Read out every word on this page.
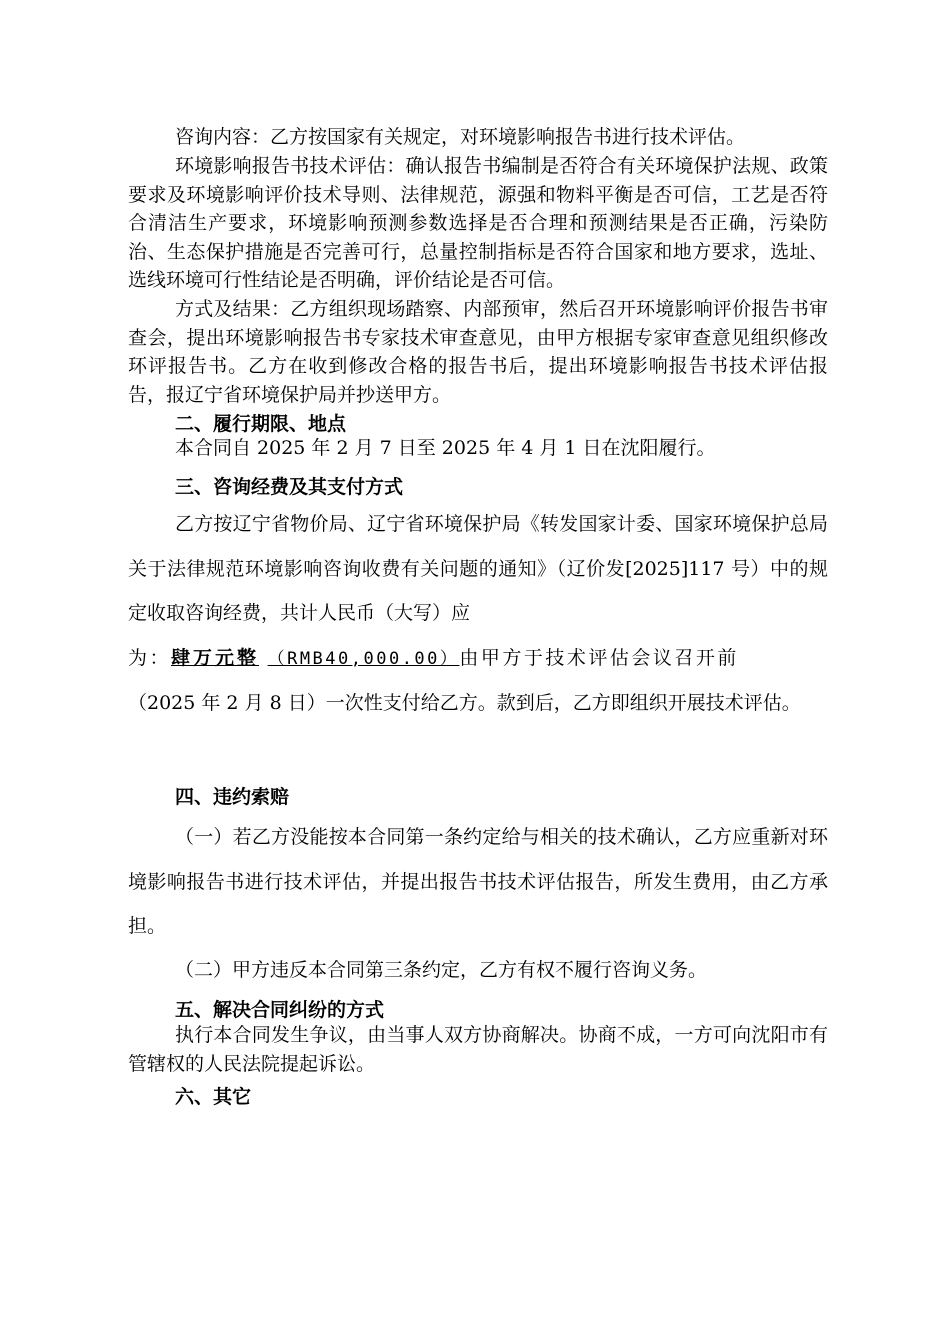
咨询内容：乙方按国家有关规定，对环境影响报告书进行技术评估。

环境影响报告书技术评估：确认报告书编制是否符合有关环境保护法规、政策要求及环境影响评价技术导则、法律规范，源强和物料平衡是否可信，工艺是否符合清洁生产要求，环境影响预测参数选择是否合理和预测结果是否正确，污染防治、生态保护措施是否完善可行，总量控制指标是否符合国家和地方要求，选址、选线环境可行性结论是否明确，评价结论是否可信。

方式及结果：乙方组织现场踏察、内部预审，然后召开环境影响评价报告书审查会，提出环境影响报告书专家技术审查意见，由甲方根据专家审查意见组织修改环评报告书。乙方在收到修改合格的报告书后，提出环境影响报告书技术评估报告，报辽宁省环境保护局并抄送甲方。

二、履行期限、地点

本合同自 2025 年 2 月 7 日至 2025 年 4 月 1 日在沈阳履行。

三、咨询经费及其支付方式
乙方按辽宁省物价局、辽宁省环境保护局《转发国家计委、国家环境保护总局关于法律规范环境影响咨询收费有关问题的通知》（辽价发[2025]117 号）中的规定收取咨询经费，共计人民币（大写）应
为：肆万元整 （RMB40,000.00）由甲方于技术评估会议召开前
（2025 年 2 月 8 日）一次性支付给乙方。款到后，乙方即组织开展技术评估。
四、违约索赔

（一）若乙方没能按本合同第一条约定给与相关的技术确认，乙方应重新对环境影响报告书进行技术评估，并提出报告书技术评估报告，所发生费用，由乙方承担。

（二）甲方违反本合同第三条约定，乙方有权不履行咨询义务。

五、解决合同纠纷的方式

执行本合同发生争议，由当事人双方协商解决。协商不成，一方可向沈阳市有管辖权的人民法院提起诉讼。

六、其它
